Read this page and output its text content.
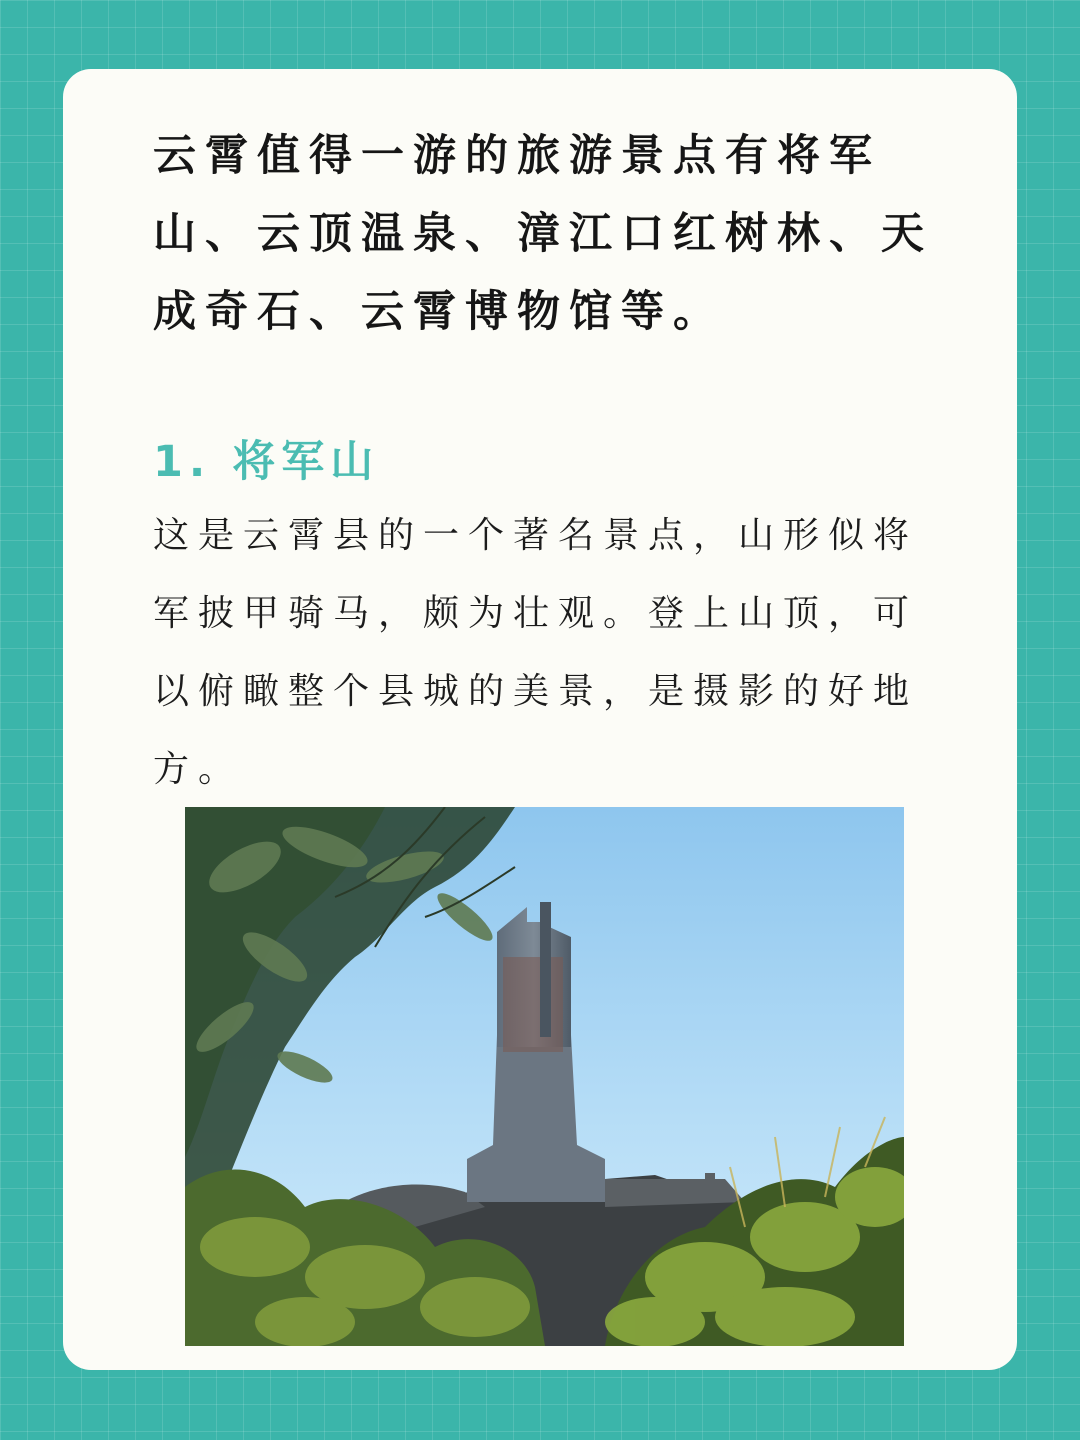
云霄值得一游的旅游景点有将军山、云顶温泉、漳江口红树林、天成奇石、云霄博物馆等。

1. 将军山

这是云霄县的一个著名景点，山形似将军披甲骑马，颇为壮观。登上山顶，可以俯瞰整个县城的美景，是摄影的好地方。
